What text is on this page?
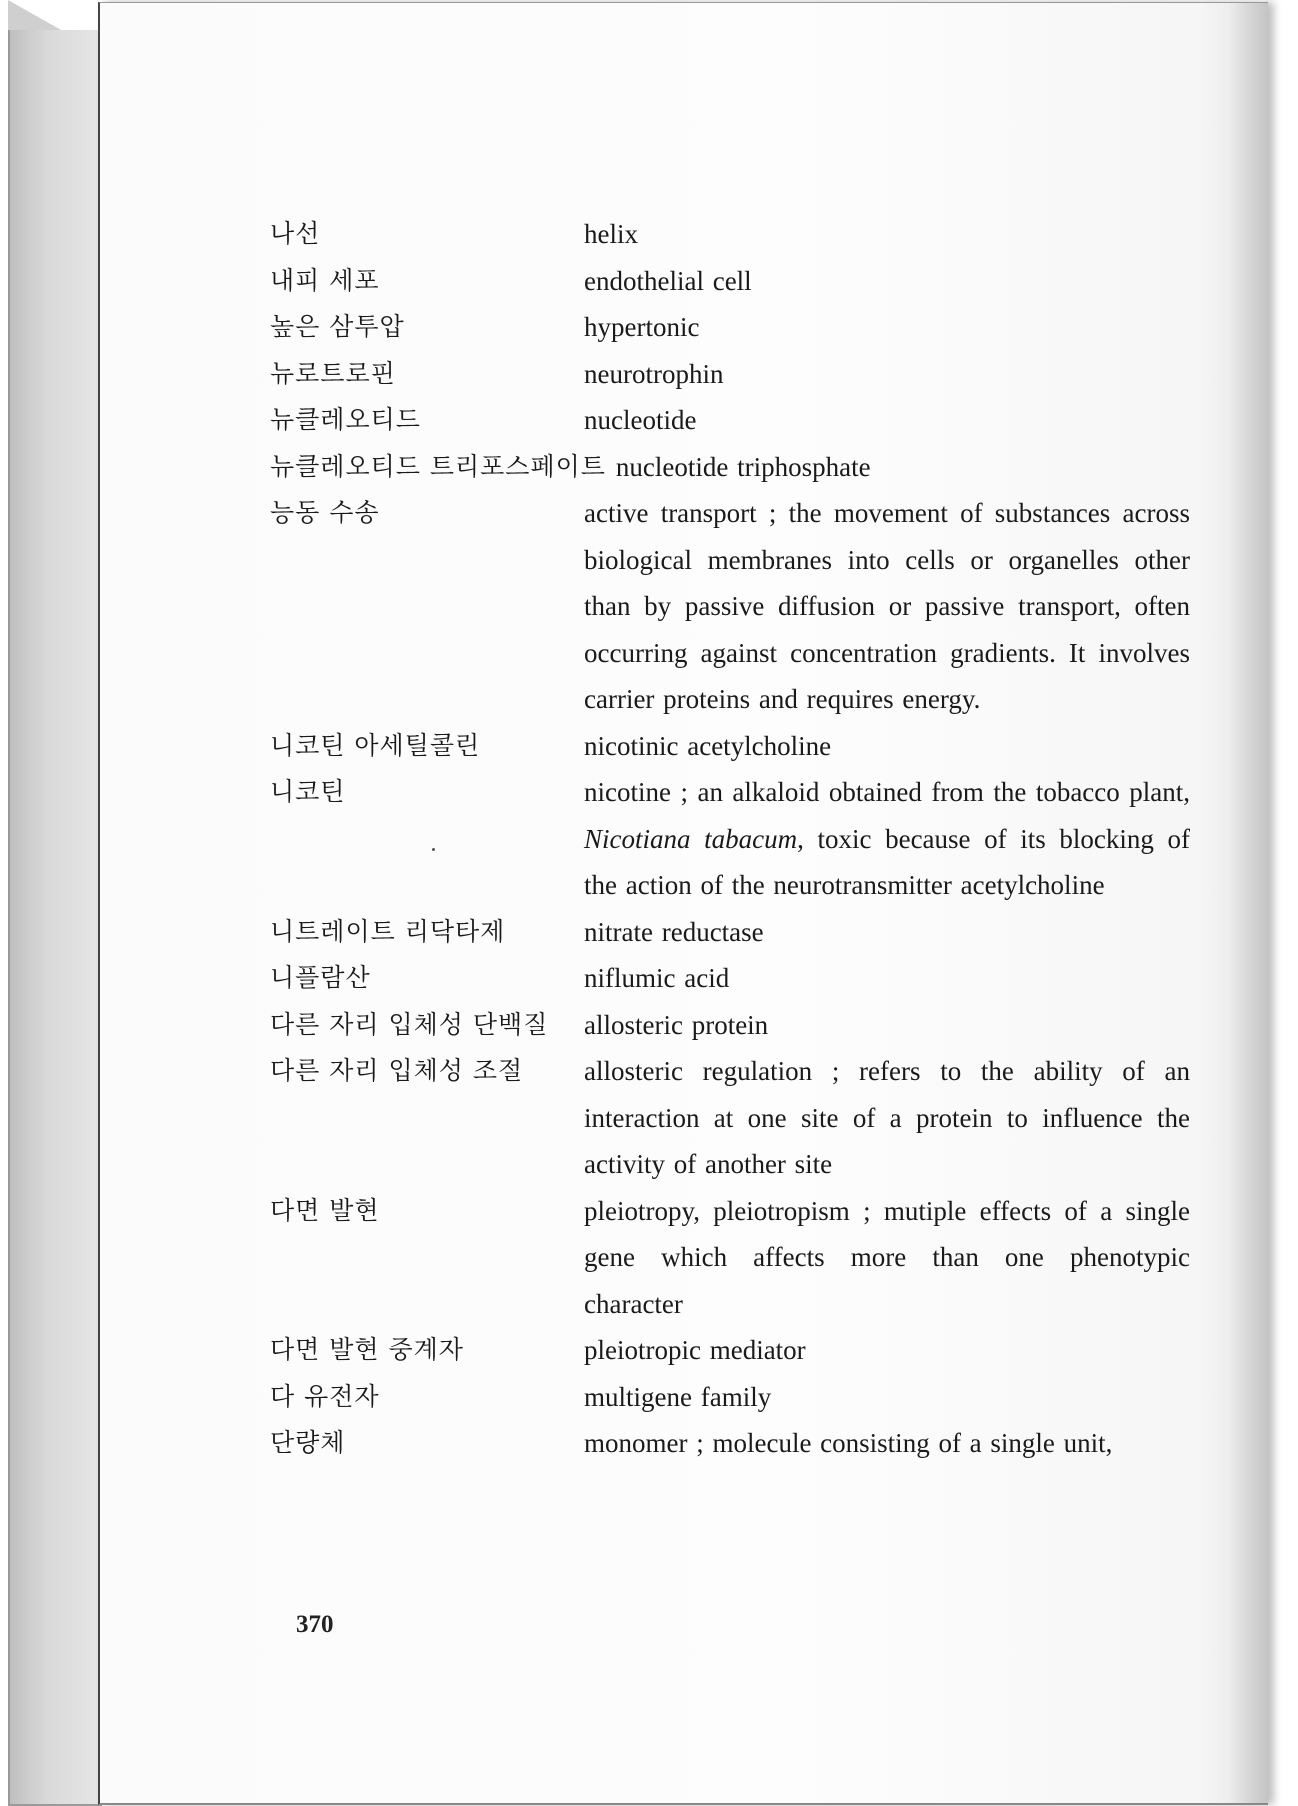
나선	helix
내피 세포	endothelial cell
높은 삼투압	hypertonic
뉴로트로핀	neurotrophin
뉴클레오티드	nucleotide
뉴클레오티드 트리포스페이트 nucleotide triphosphate
능동 수송	active transport ; the movement of substances across biological membranes into cells or organelles other than by passive diffusion or passive transport, often occurring against concentration gradients. It involves carrier proteins and requires energy.
니코틴 아세틸콜린	nicotinic acetylcholine
니코틴	nicotine ; an alkaloid obtained from the tobacco plant, Nicotiana tabacum, toxic because of its blocking of the action of the neurotransmitter acetylcholine
니트레이트 리닥타제	nitrate reductase
니플람산	niflumic acid
다른 자리 입체성 단백질	allosteric protein
다른 자리 입체성 조절	allosteric regulation ; refers to the ability of an interaction at one site of a protein to influence the activity of another site
다면 발현	pleiotropy, pleiotropism ; mutiple effects of a single gene which affects more than one phenotypic character
다면 발현 중계자	pleiotropic mediator
다 유전자	multigene family
단량체	monomer ; molecule consisting of a single unit,
370
